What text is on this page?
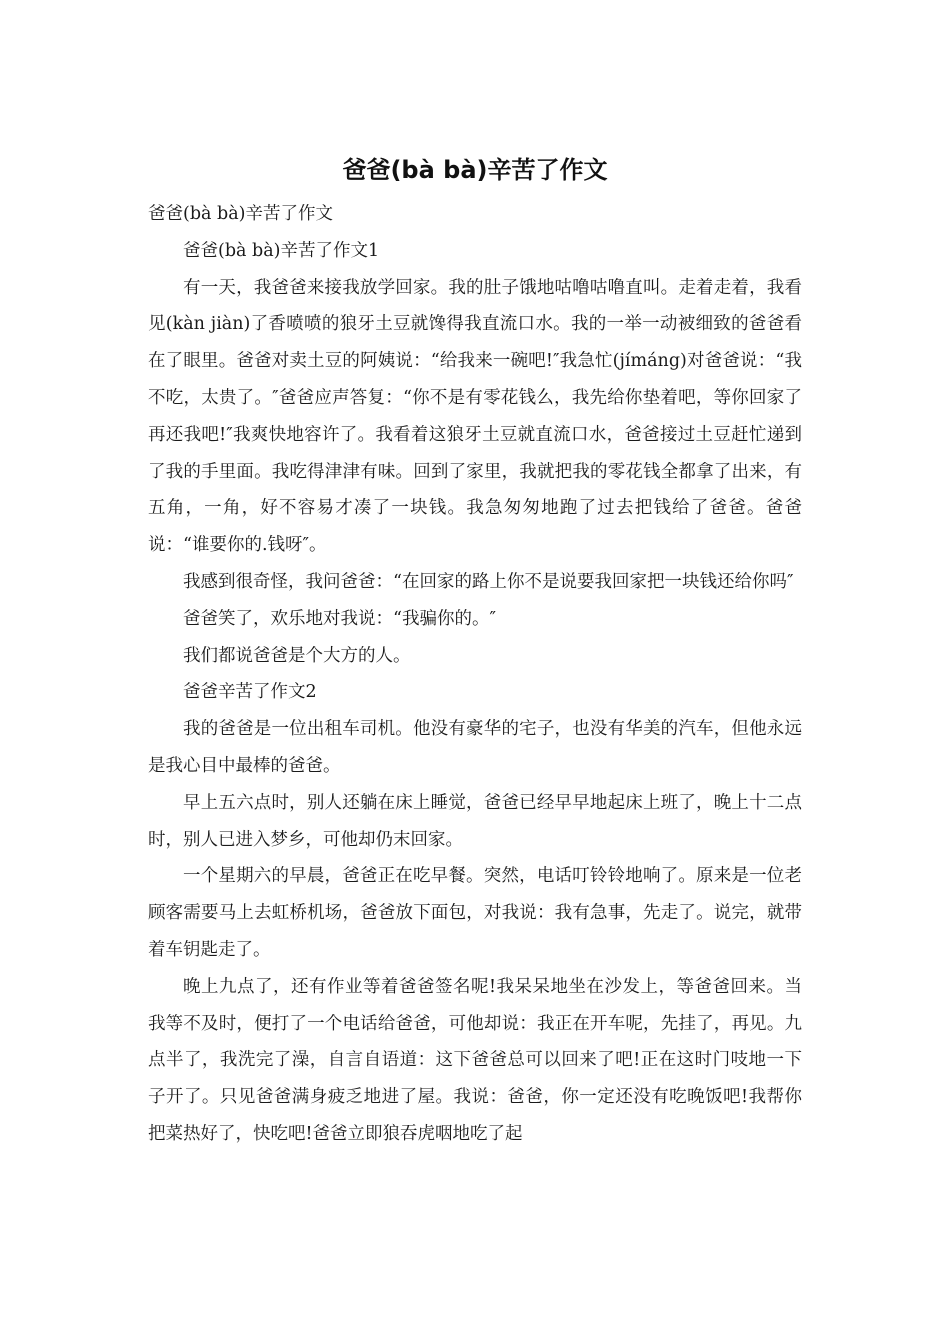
爸爸(bà bà)辛苦了作文

爸爸(bà bà)辛苦了作文

爸爸(bà bà)辛苦了作文1

有一天，我爸爸来接我放学回家。我的肚子饿地咕噜咕噜直叫。走着走着，我看见(kàn jiàn)了香喷喷的狼牙土豆就馋得我直流口水。我的一举一动被细致的爸爸看在了眼里。爸爸对卖土豆的阿姨说：“给我来一碗吧!″我急忙(jímáng)对爸爸说：“我不吃，太贵了。″爸爸应声答复：“你不是有零花钱么，我先给你垫着吧，等你回家了再还我吧!″我爽快地容许了。我看着这狼牙土豆就直流口水，爸爸接过土豆赶忙递到了我的手里面。我吃得津津有味。回到了家里，我就把我的零花钱全都拿了出来，有五角，一角，好不容易才凑了一块钱。我急匆匆地跑了过去把钱给了爸爸。爸爸说：“谁要你的.钱呀″。

我感到很奇怪，我问爸爸：“在回家的路上你不是说要我回家把一块钱还给你吗″

爸爸笑了，欢乐地对我说：“我骗你的。″

我们都说爸爸是个大方的人。

爸爸辛苦了作文2

我的爸爸是一位出租车司机。他没有豪华的宅子，也没有华美的汽车，但他永远是我心目中最棒的爸爸。

早上五六点时，别人还躺在床上睡觉，爸爸已经早早地起床上班了，晚上十二点时，别人已进入梦乡，可他却仍末回家。

一个星期六的早晨，爸爸正在吃早餐。突然，电话叮铃铃地响了。原来是一位老顾客需要马上去虹桥机场，爸爸放下面包，对我说：我有急事，先走了。说完，就带着车钥匙走了。

晚上九点了，还有作业等着爸爸签名呢!我呆呆地坐在沙发上，等爸爸回来。当我等不及时，便打了一个电话给爸爸，可他却说：我正在开车呢，先挂了，再见。九点半了，我洗完了澡，自言自语道：这下爸爸总可以回来了吧!正在这时门吱地一下子开了。只见爸爸满身疲乏地进了屋。我说：爸爸，你一定还没有吃晚饭吧!我帮你把菜热好了，快吃吧!爸爸立即狼吞虎咽地吃了起
